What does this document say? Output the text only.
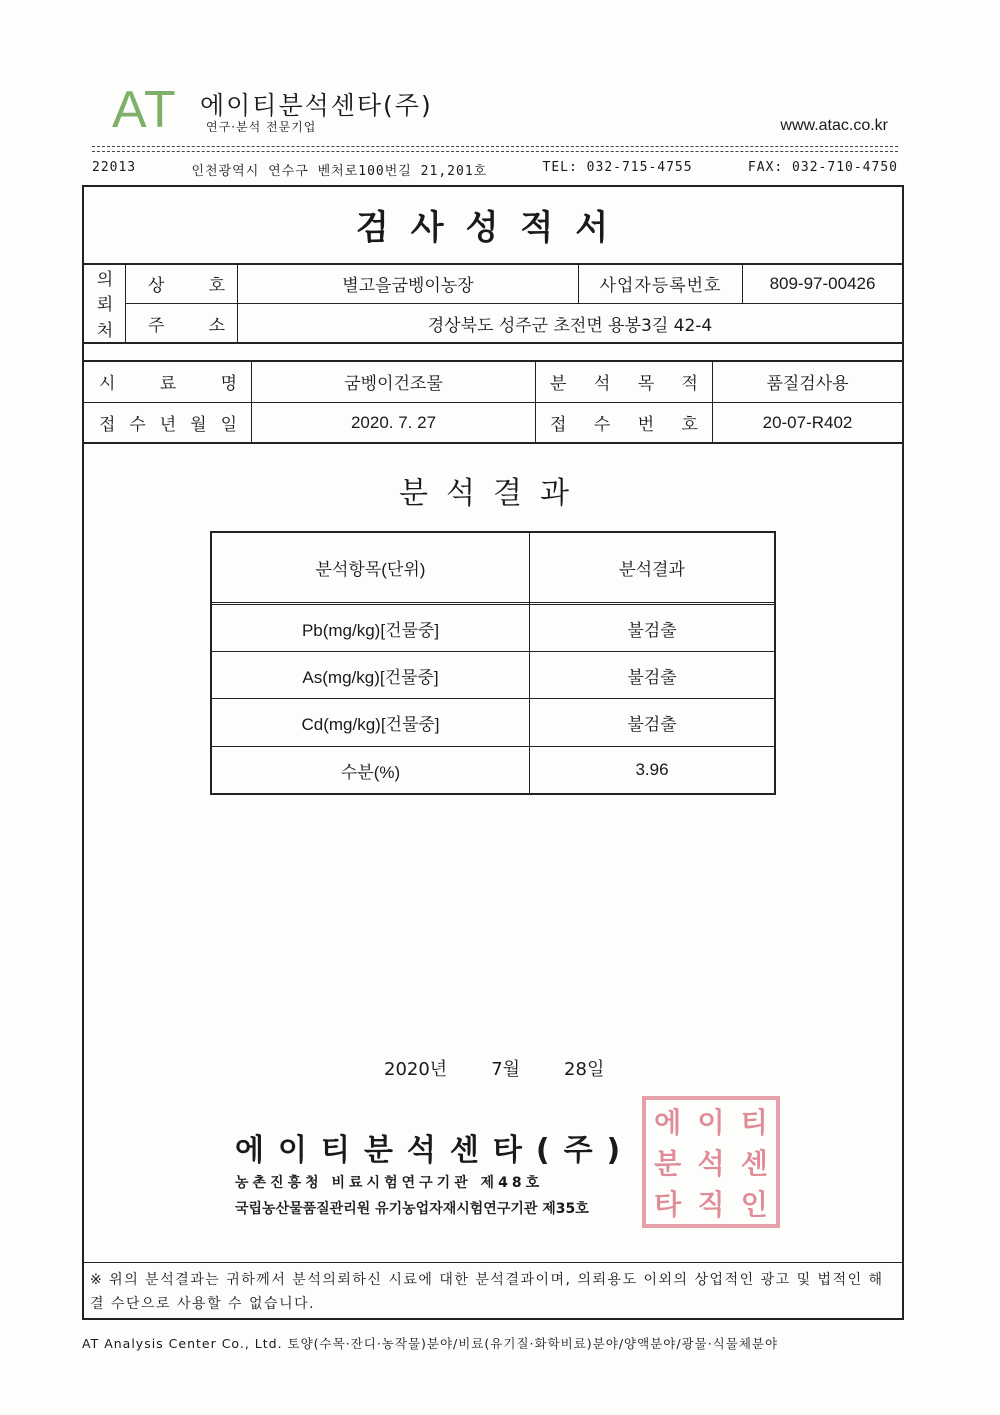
AT 에이티분석센타(주)
연구·분석 전문기업	www.atac.co.kr
22013	인천광역시 연수구 벤처로100번길 21,201호	TEL: 032-715-4755	FAX: 032-710-4750
검사성적서
의
뢰
처
상	호	별고을굼벵이농장	사업자등록번호	809-97-00426
주	소	경상북도 성주군 초전면 용봉3길 42-4
시	료	명	굼벵이건조물	분 석 목 적	품질검사용
접 수 년 월 일	2020. 7. 27	접 수 번 호	20-07-R402
분석결과
분석항목(단위)	분석결과
Pb(mg/kg)[건물중]	불검출
As(mg/kg)[건물중]	불검출
Cd(mg/kg)[건물중]	불검출
수분(%)	3.96
2020년 7월 28일
에이티분석센타(주)
농촌진흥청 비료시험연구기관 제48호
국립농산물품질관리원 유기농업자재시험연구기관 제35호
에 이 티
분 석 센
타 직 인
※ 위의 분석결과는 귀하께서 분석의뢰하신 시료에 대한 분석결과이며, 의뢰용도 이외의 상업적인 광고 및 법적인 해결 수단으로 사용할 수 없습니다.
AT Analysis Center Co., Ltd. 토양(수목·잔디·농작물)분야/비료(유기질·화학비료)분야/양액분야/광물·식물체분야
